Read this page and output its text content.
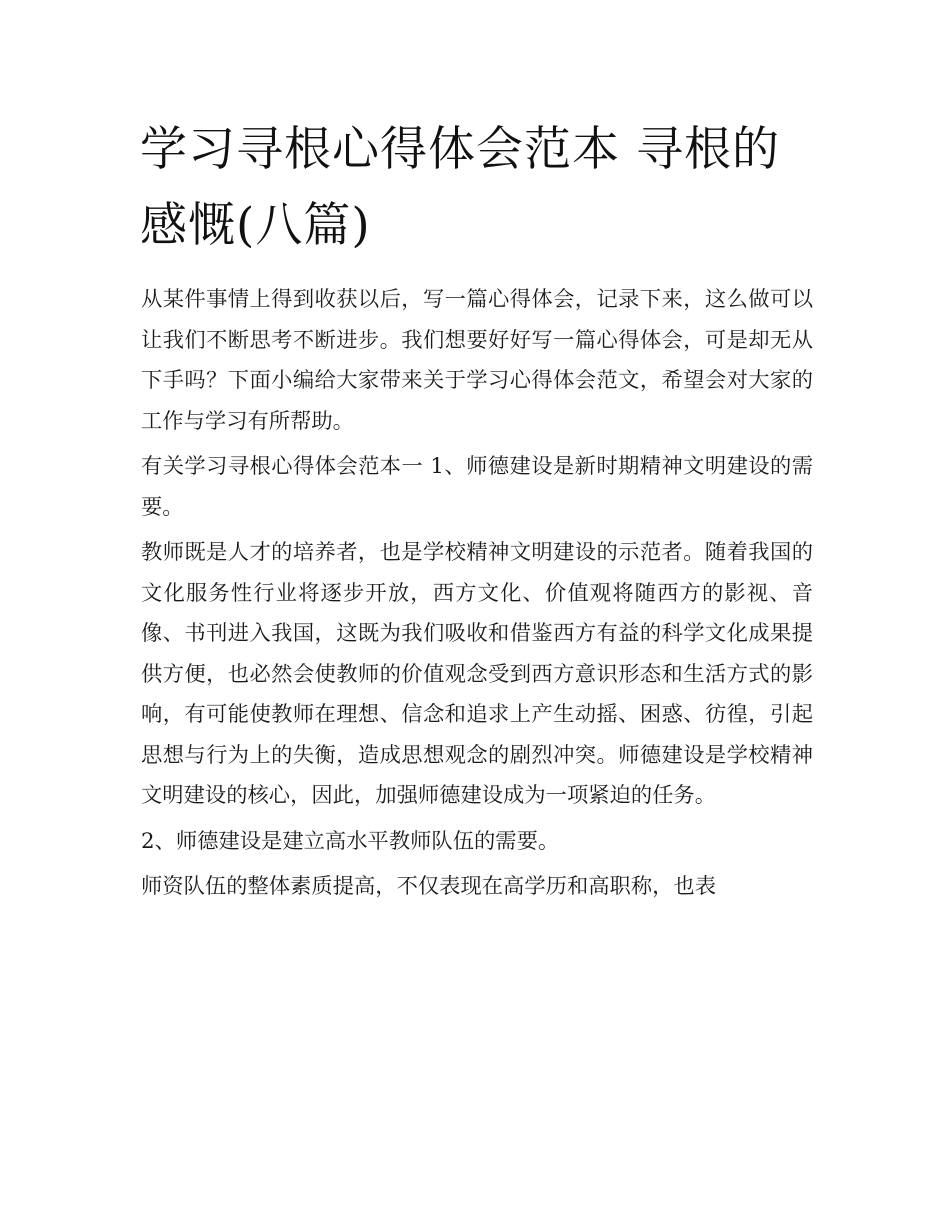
学习寻根心得体会范本 寻根的感慨(八篇)

从某件事情上得到收获以后，写一篇心得体会，记录下来，这么做可以让我们不断思考不断进步。我们想要好好写一篇心得体会，可是却无从下手吗？下面小编给大家带来关于学习心得体会范文，希望会对大家的工作与学习有所帮助。

有关学习寻根心得体会范本一 1、师德建设是新时期精神文明建设的需要。

教师既是人才的培养者，也是学校精神文明建设的示范者。随着我国的文化服务性行业将逐步开放，西方文化、价值观将随西方的影视、音像、书刊进入我国，这既为我们吸收和借鉴西方有益的科学文化成果提供方便，也必然会使教师的价值观念受到西方意识形态和生活方式的影响，有可能使教师在理想、信念和追求上产生动摇、困惑、彷徨，引起思想与行为上的失衡，造成思想观念的剧烈冲突。师德建设是学校精神文明建设的核心，因此，加强师德建设成为一项紧迫的任务。

2、师德建设是建立高水平教师队伍的需要。

师资队伍的整体素质提高，不仅表现在高学历和高职称，也表
